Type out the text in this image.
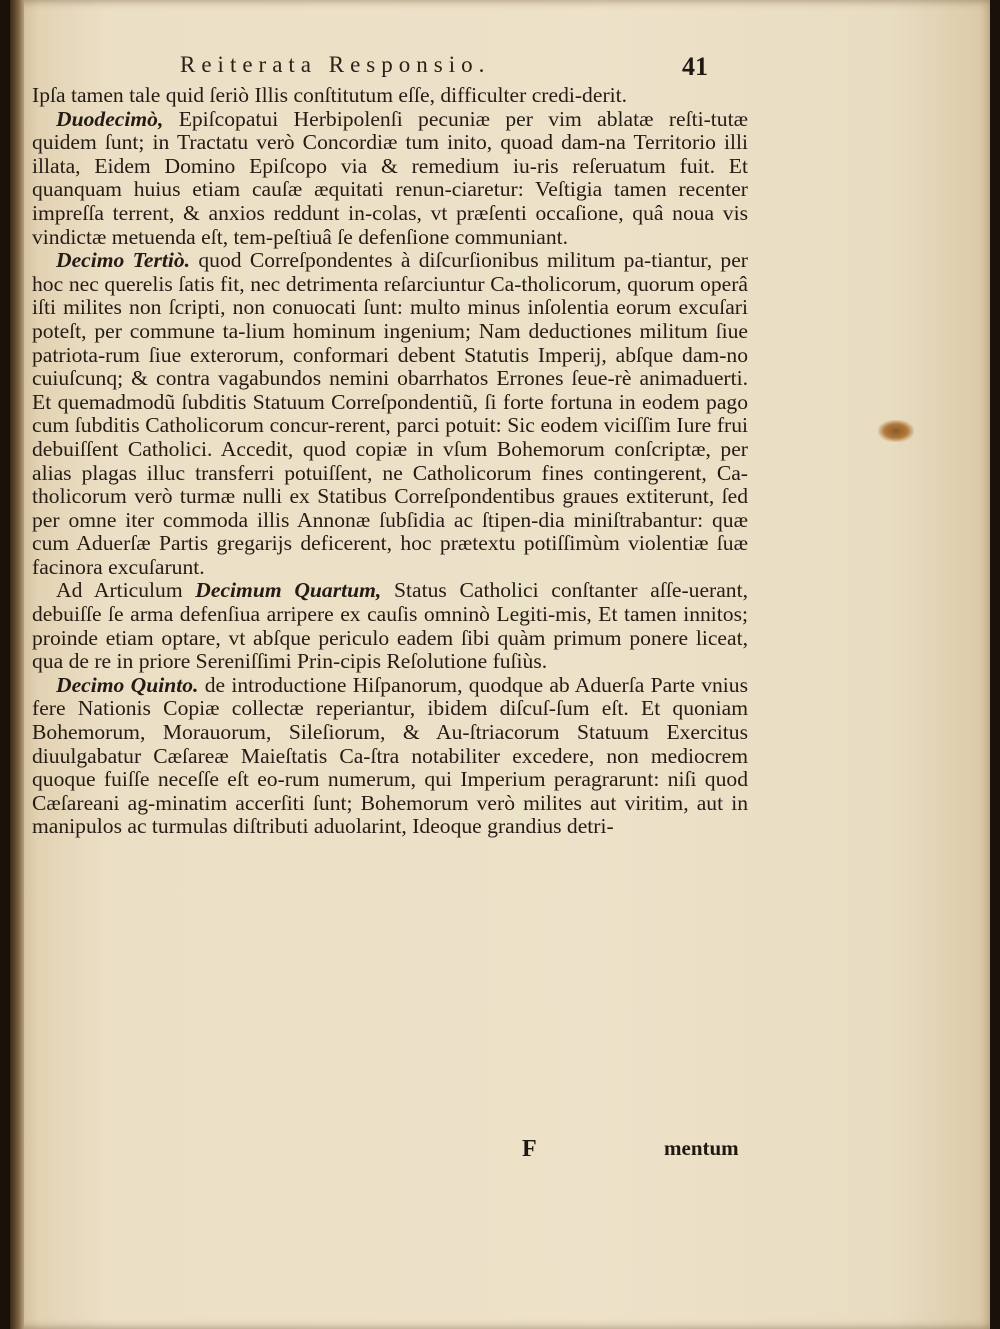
Reiterata Responsio.	41

Ipſa tamen tale quid ſeriò Illis conſtitutum eſſe, difficulter credi-derit.

Duodecimò, Epiſcopatui Herbipolenſi pecuniæ per vim ablatæ reſti-tutæ quidem ſunt; in Tractatu verò Concordiæ tum inito, quoad dam-na Territorio illi illata, Eidem Domino Epiſcopo via & remedium iu-ris reſeruatum fuit. Et quanquam huius etiam cauſæ æquitati renun-ciaretur: Veſtigia tamen recenter impreſſa terrent, & anxios reddunt in-colas, vt præſenti occaſione, quâ noua vis vindictæ metuenda eſt, tem-peſtiuâ ſe defenſione communiant.

Decimo Tertiò. quod Correſpondentes à diſcurſionibus militum pa-tiantur, per hoc nec querelis ſatis fit, nec detrimenta reſarciuntur Ca-tholicorum, quorum operâ iſti milites non ſcripti, non conuocati ſunt: multo minus inſolentia eorum excuſari poteſt, per commune ta-lium hominum ingenium; Nam deductiones militum ſiue patriota-rum ſiue exterorum, conformari debent Statutis Imperij, abſque dam-no cuiuſcunq; & contra vagabundos nemini obarrhatos Errones ſeue-rè animaduerti. Et quemadmodũ ſubditis Statuum Correſpondentiũ, ſi forte fortuna in eodem pago cum ſubditis Catholicorum concur-rerent, parci potuit: Sic eodem viciſſim Iure frui debuiſſent Catholici. Accedit, quod copiæ in vſum Bohemorum conſcriptæ, per alias plagas illuc transferri potuiſſent, ne Catholicorum fines contingerent, Ca-tholicorum verò turmæ nulli ex Statibus Correſpondentibus graues extiterunt, ſed per omne iter commoda illis Annonæ ſubſidia ac ſtipen-dia miniſtrabantur: quæ cum Aduerſæ Partis gregarijs deficerent, hoc prætextu potiſſimùm violentiæ ſuæ facinora excuſarunt.

Ad Articulum Decimum Quartum, Status Catholici conſtanter aſſe-uerant, debuiſſe ſe arma defenſiua arripere ex cauſis omninò Legiti-mis, Et tamen innitos; proinde etiam optare, vt abſque periculo eadem ſibi quàm primum ponere liceat, qua de re in priore Sereniſſimi Prin-cipis Reſolutione fuſiùs.

Decimo Quinto. de introductione Hiſpanorum, quodque ab Aduerſa Parte vnius fere Nationis Copiæ collectæ reperiantur, ibidem diſcuſ-ſum eſt. Et quoniam Bohemorum, Morauorum, Sileſiorum, & Au-ſtriacorum Statuum Exercitus diuulgabatur Cæſareæ Maieſtatis Ca-ſtra notabiliter excedere, non mediocrem quoque fuiſſe neceſſe eſt eo-rum numerum, qui Imperium peragrarunt: niſi quod Cæſareani ag-minatim accerſiti ſunt; Bohemorum verò milites aut viritim, aut in manipulos ac turmulas diſtributi aduolarint, Ideoque grandius detri-

F	mentum
